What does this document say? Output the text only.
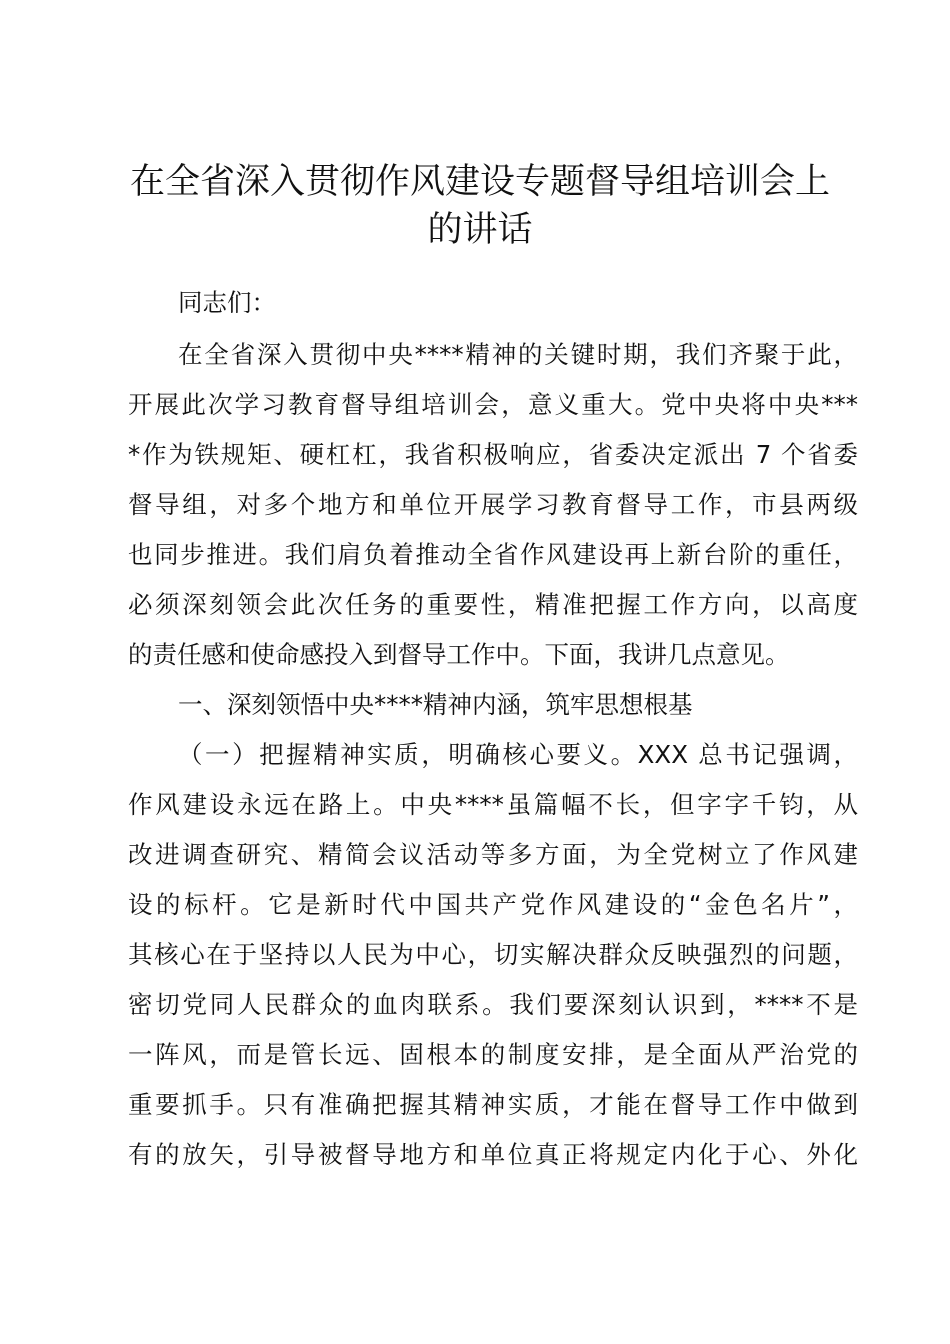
在全省深入贯彻作风建设专题督导组培训会上
的讲话
同志们：
在全省深入贯彻中央****精神的关键时期，我们齐聚于此，
开展此次学习教育督导组培训会，意义重大。党中央将中央***
*作为铁规矩、硬杠杠，我省积极响应，省委决定派出 7 个省委
督导组，对多个地方和单位开展学习教育督导工作，市县两级
也同步推进。我们肩负着推动全省作风建设再上新台阶的重任，
必须深刻领会此次任务的重要性，精准把握工作方向，以高度
的责任感和使命感投入到督导工作中。下面，我讲几点意见。
一、深刻领悟中央****精神内涵，筑牢思想根基
（一）把握精神实质，明确核心要义。XXX 总书记强调，
作风建设永远在路上。中央****虽篇幅不长，但字字千钧，从
改进调查研究、精简会议活动等多方面，为全党树立了作风建
设的标杆。它是新时代中国共产党作风建设的“金色名片”，
其核心在于坚持以人民为中心，切实解决群众反映强烈的问题，
密切党同人民群众的血肉联系。我们要深刻认识到，****不是
一阵风，而是管长远、固根本的制度安排，是全面从严治党的
重要抓手。只有准确把握其精神实质，才能在督导工作中做到
有的放矢，引导被督导地方和单位真正将规定内化于心、外化
